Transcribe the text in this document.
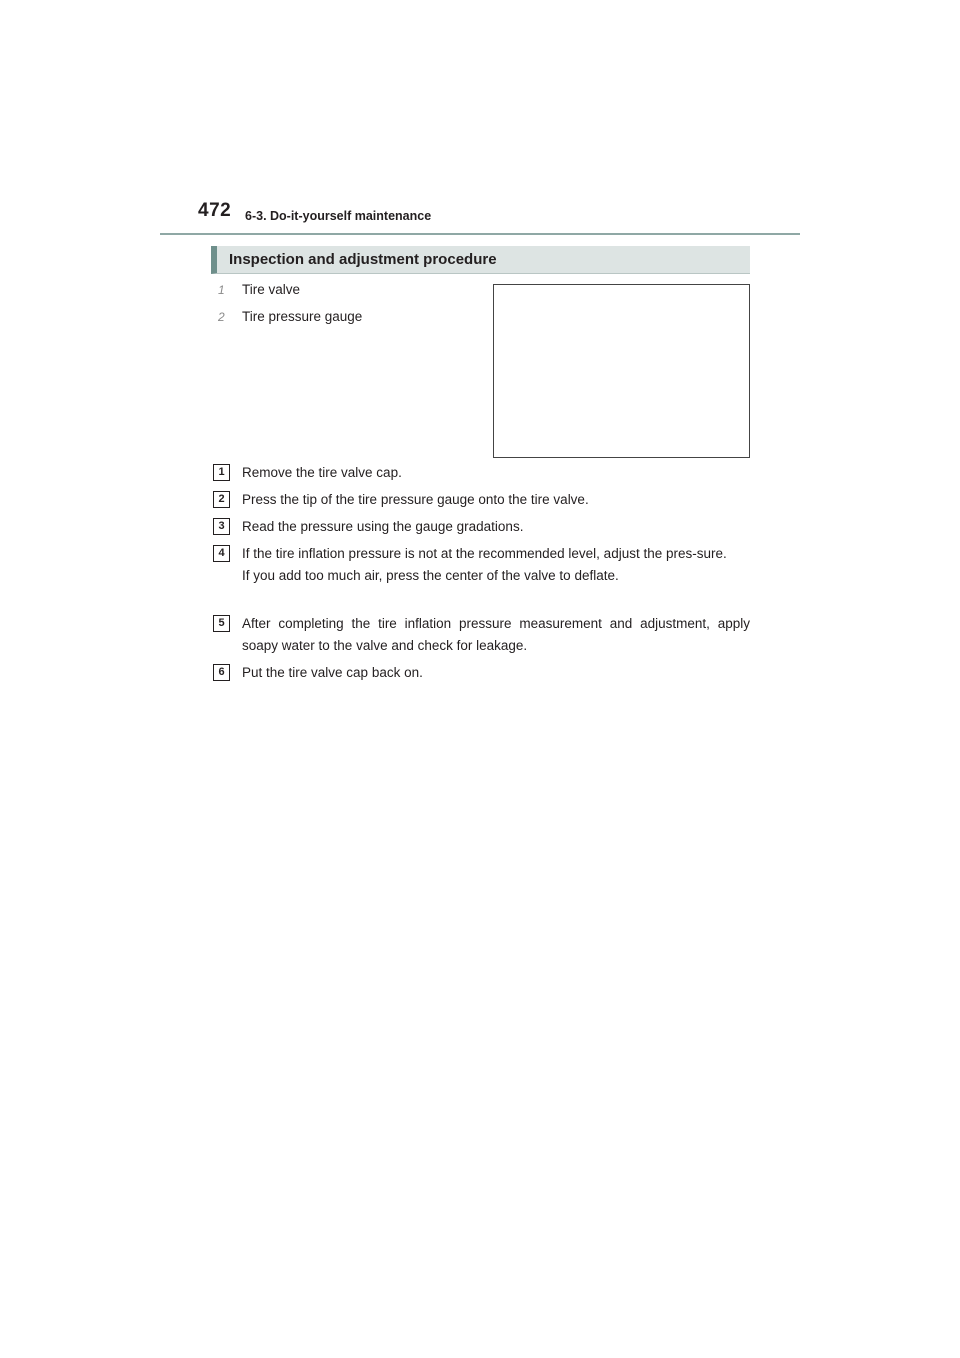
472 6-3. Do-it-yourself maintenance
Inspection and adjustment procedure
1	Tire valve
2	Tire pressure gauge
1	Remove the tire valve cap.
2	Press the tip of the tire pressure gauge onto the tire valve.
3	Read the pressure using the gauge gradations.
4	If the tire inflation pressure is not at the recommended level, adjust the pres-sure.
If you add too much air, press the center of the valve to deflate.
5	After completing the tire inflation pressure measurement and adjustment, apply soapy water to the valve and check for leakage.
6	Put the tire valve cap back on.
